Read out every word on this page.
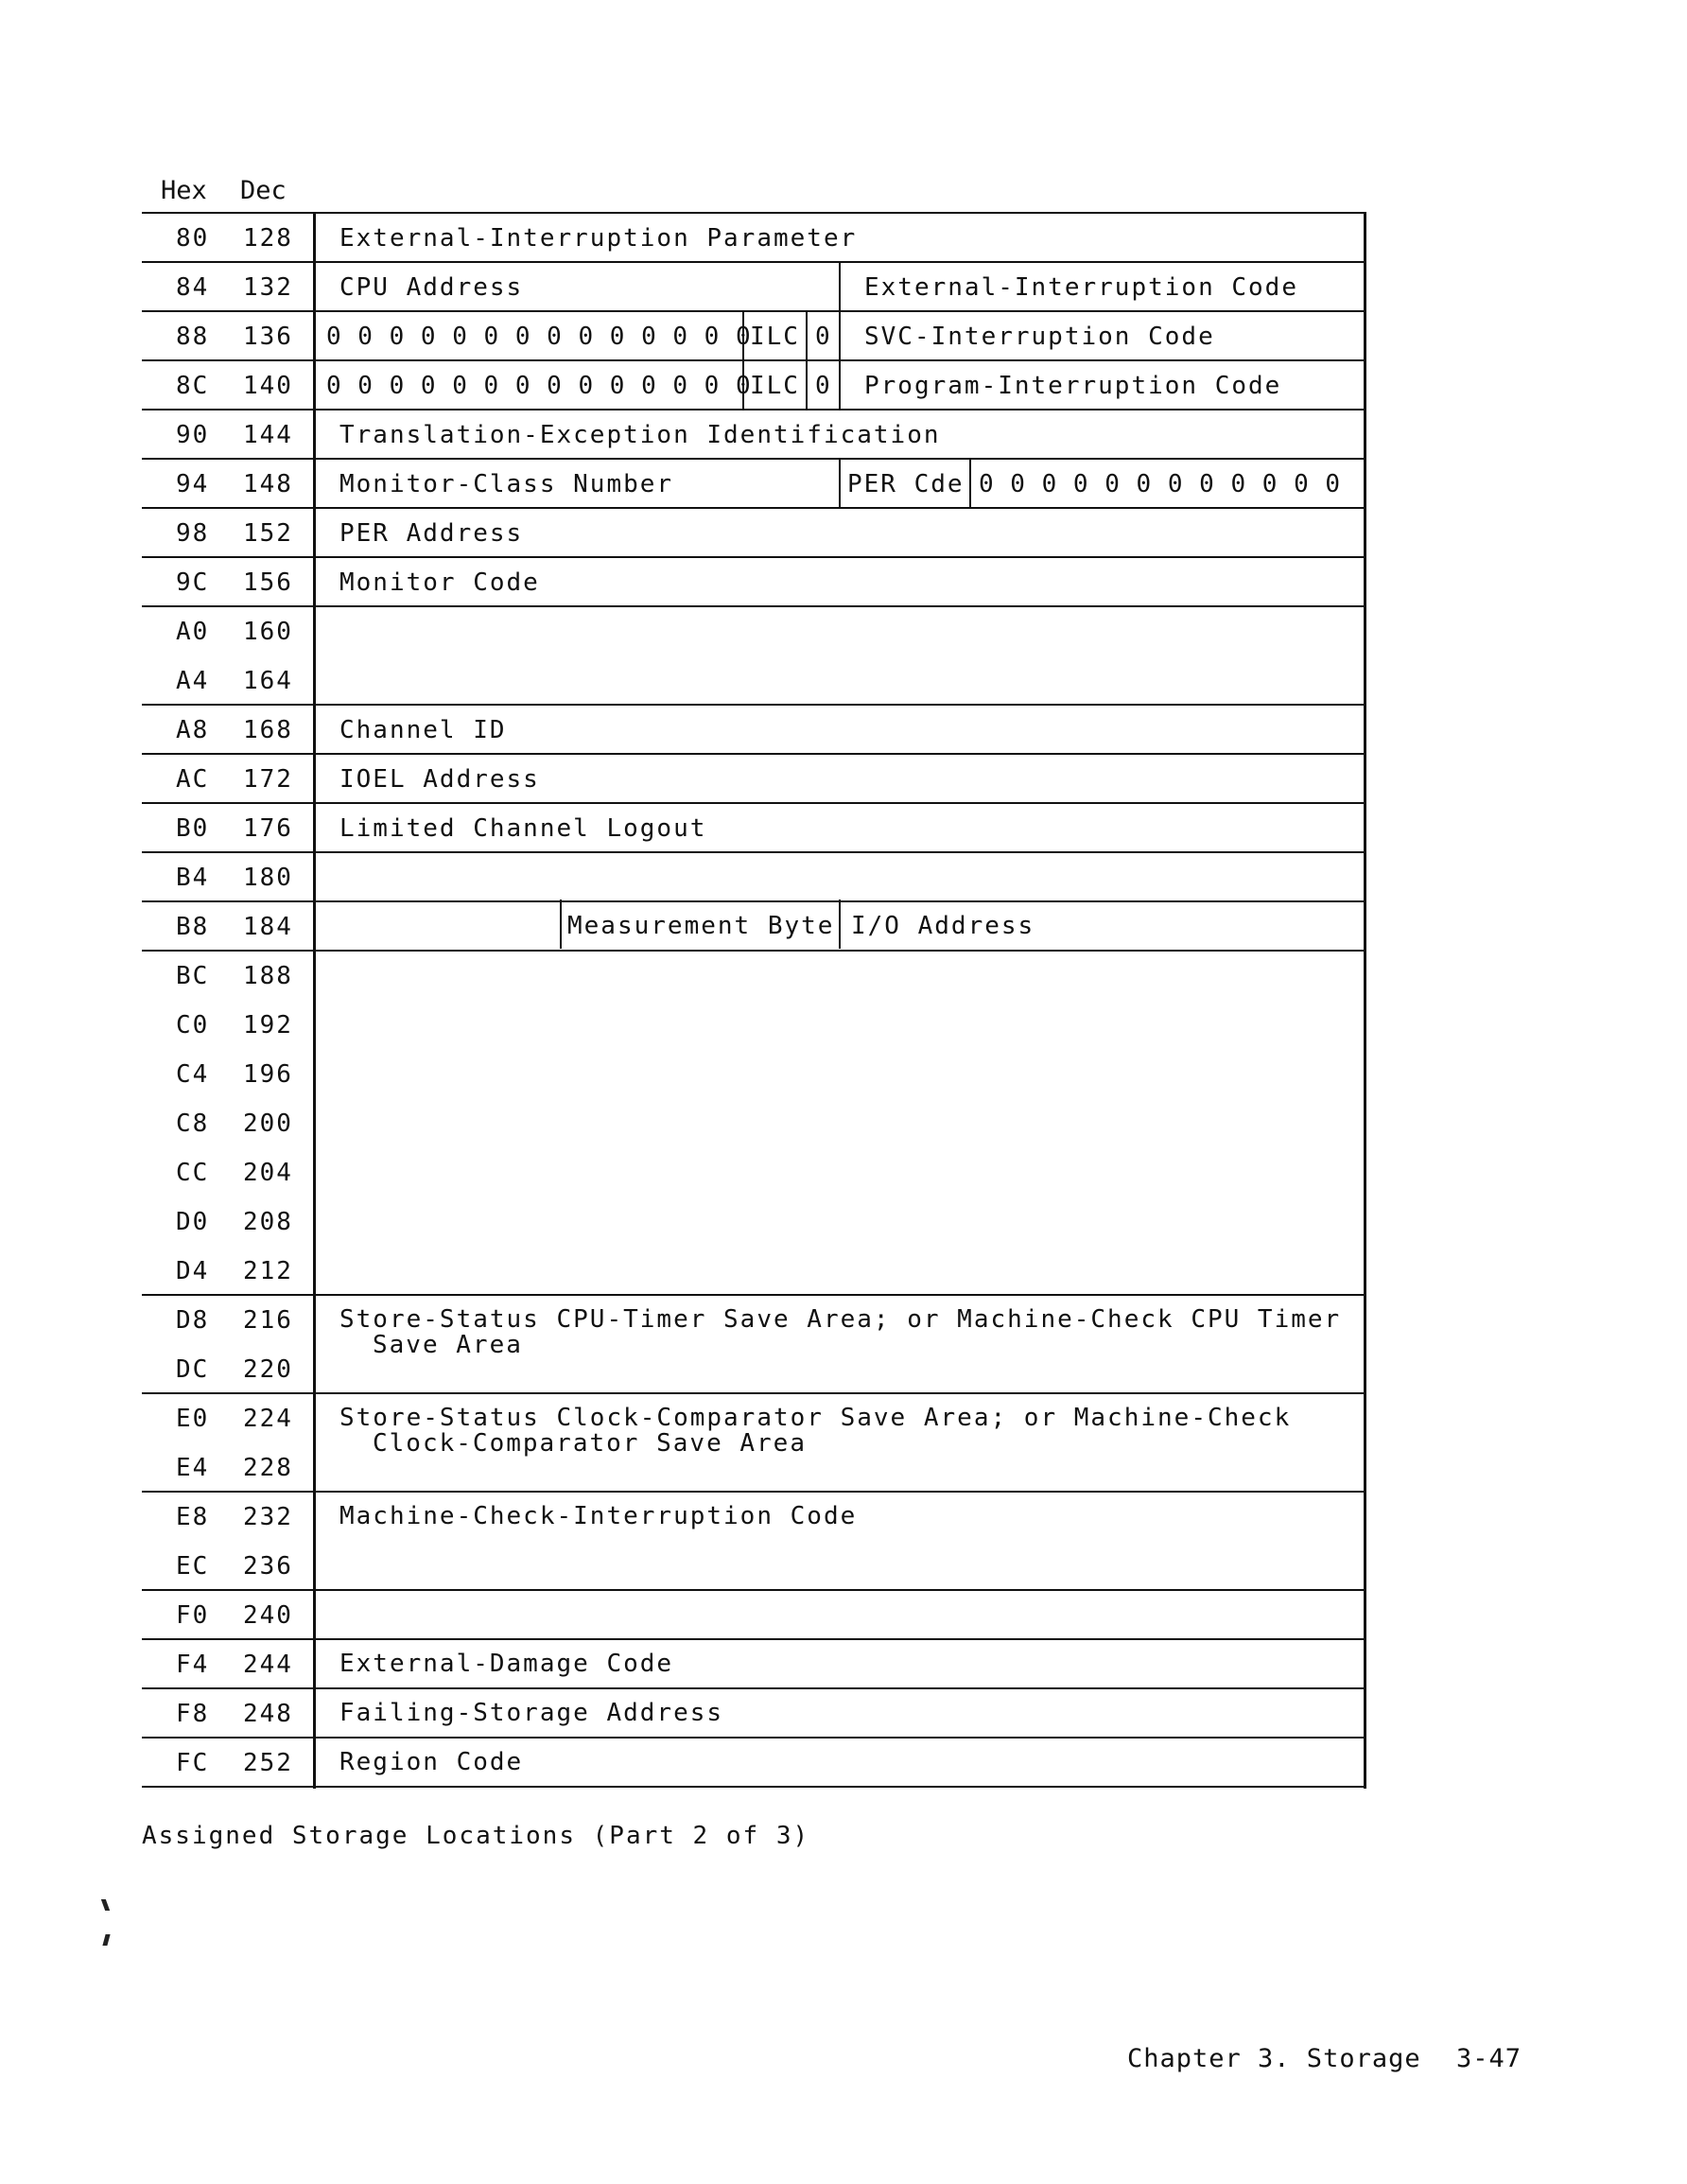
Hex Dec
80 128
84 132
88 136
8C 140
90 144
94 148
98 152
9C 156
A0 160
A4 164
A8 168
AC 172
B0 176
B4 180
B8 184
BC 188
C0 192
C4 196
C8 200
CC 204
D0 208
D4 212
D8 216
DC 220
E0 224
E4 228
E8 232
EC 236
F0 240
F4 244
F8 248
FC 252
External-Interruption Parameter
CPU Address	External-Interruption Code
0 0 0 0 0 0 0 0 0 0 0 0 0 0
ILC 0 SVC-Interruption Code
0 0 0 0 0 0 0 0 0 0 0 0 0 0
ILC 0 Program-Interruption Code
Translation-Exception Identification
Monitor-Class Number	PER Cde 0 0 0 0 0 0 0 0 0 0 0 0
PER Address
Monitor Code
Channel ID
IOEL Address
Limited Channel Logout
Measurement Byte I/O Address
Store-Status CPU-Timer Save Area; or Machine-Check CPU Timer
Save Area
Store-Status Clock-Comparator Save Area; or Machine-Check
Clock-Comparator Save Area
Machine-Check-Interruption Code
External-Damage Code
Failing-Storage Address
Region Code
Assigned Storage Locations (Part 2 of 3)
Chapter 3. Storage 3-47
